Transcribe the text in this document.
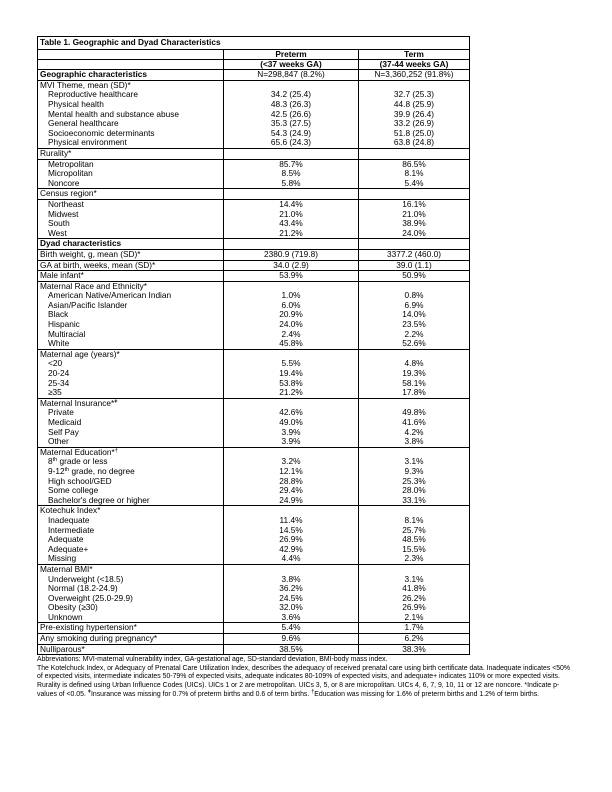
Table 1. Geographic and Dyad Characteristics		
	Preterm	Term
	(<37 weeks GA)	(37-44 weeks GA)
Geographic characteristics	N=298,847 (8.2%)	N=3,360,252 (91.8%)
MVI Theme, mean (SD)*		
Reproductive healthcare	34.2 (25.4)	32.7 (25.3)
Physical health	48.3 (26.3)	44.8 (25.9)
Mental health and substance abuse	42.5 (26.6)	39.9 (26.4)
General healthcare	35.3 (27.5)	33.2 (26.9)
Socioeconomic determinants	54.3 (24.9)	51.8 (25.0)
Physical environment	65.6 (24.3)	63.8 (24.8)
Rurality*		
Metropolitan	85.7%	86.5%
Micropolitan	8.5%	8.1%
Noncore	5.8%	5.4%
Census region*		
Northeast	14.4%	16.1%
Midwest	21.0%	21.0%
South	43.4%	38.9%
West	21.2%	24.0%
Dyad characteristics		
Birth weight, g, mean (SD)*	2380.9 (719.8)	3377.2 (460.0)
GA at birth, weeks, mean (SD)*	34.0 (2.9)	39.0 (1.1)
Male infant*	53.9%	50.9%
Maternal Race and Ethnicity*		
American Native/American Indian	1.0%	0.8%
Asian/Pacific Islander	6.0%	6.9%
Black	20.9%	14.0%
Hispanic	24.0%	23.5%
Multiracial	2.4%	2.2%
White	45.8%	52.6%
Maternal age (years)*		
<20	5.5%	4.8%
20-24	19.4%	19.3%
25-34	53.8%	58.1%
≥35	21.2%	17.8%
Maternal Insurance*$^ǂ$		
Private	42.6%	49.8%
Medicaid	49.0%	41.6%
Self Pay	3.9%	4.2%
Other	3.9%	3.8%
Maternal Education*†		
8th grade or less	3.2%	3.1%
9-12th grade, no degree	12.1%	9.3%
High school/GED	28.8%	25.3%
Some college	29.4%	28.0%
Bachelor's degree or higher	24.9%	33.1%
Kotechuk Index*		
Inadequate	11.4%	8.1%
Intermediate	14.5%	25.7%
Adequate	26.9%	48.5%
Adequate+	42.9%	15.5%
Missing	4.4%	2.3%
Maternal BMI*		
Underweight (<18.5)	3.8%	3.1%
Normal (18.2-24.9)	36.2%	41.8%
Overweight (25.0-29.9)	24.5%	26.2%
Obesity (≥30)	32.0%	26.9%
Unknown	3.6%	2.1%
Pre-existing hypertension*	5.4%	1.7%
Any smoking during pregnancy*	9.6%	6.2%
Nulliparous*	38.5%	38.3%

Abbreviations: MVI-maternal vulnerability index, GA-gestational age, SD-standard deviation, BMI-body mass index.

The Kotelchuck Index, or Adequacy of Prenatal Care Utilization Index, describes the adequacy of received prenatal care using birth certificate data. Inadequate indicates <50% of expected visits, intermediate indicates 50-79% of expected visits, adequate indicates 80-109% of expected visits, and adequate+ indicates 110% or more expected visits. Rurality is defined using Urban Influence Codes (UICs). UICs 1 or 2 are metropolitan. UICs 3, 5, or 8 are micropolitan. UICs 4, 6, 7, 9, 10, 11 or 12 are noncore. *Indicate p-values of <0.05. $^ǂ$Insurance was missing for 0.7% of preterm births and 0.6 of term births. †Education was missing for 1.6% of preterm births and 1.2% of term births.
